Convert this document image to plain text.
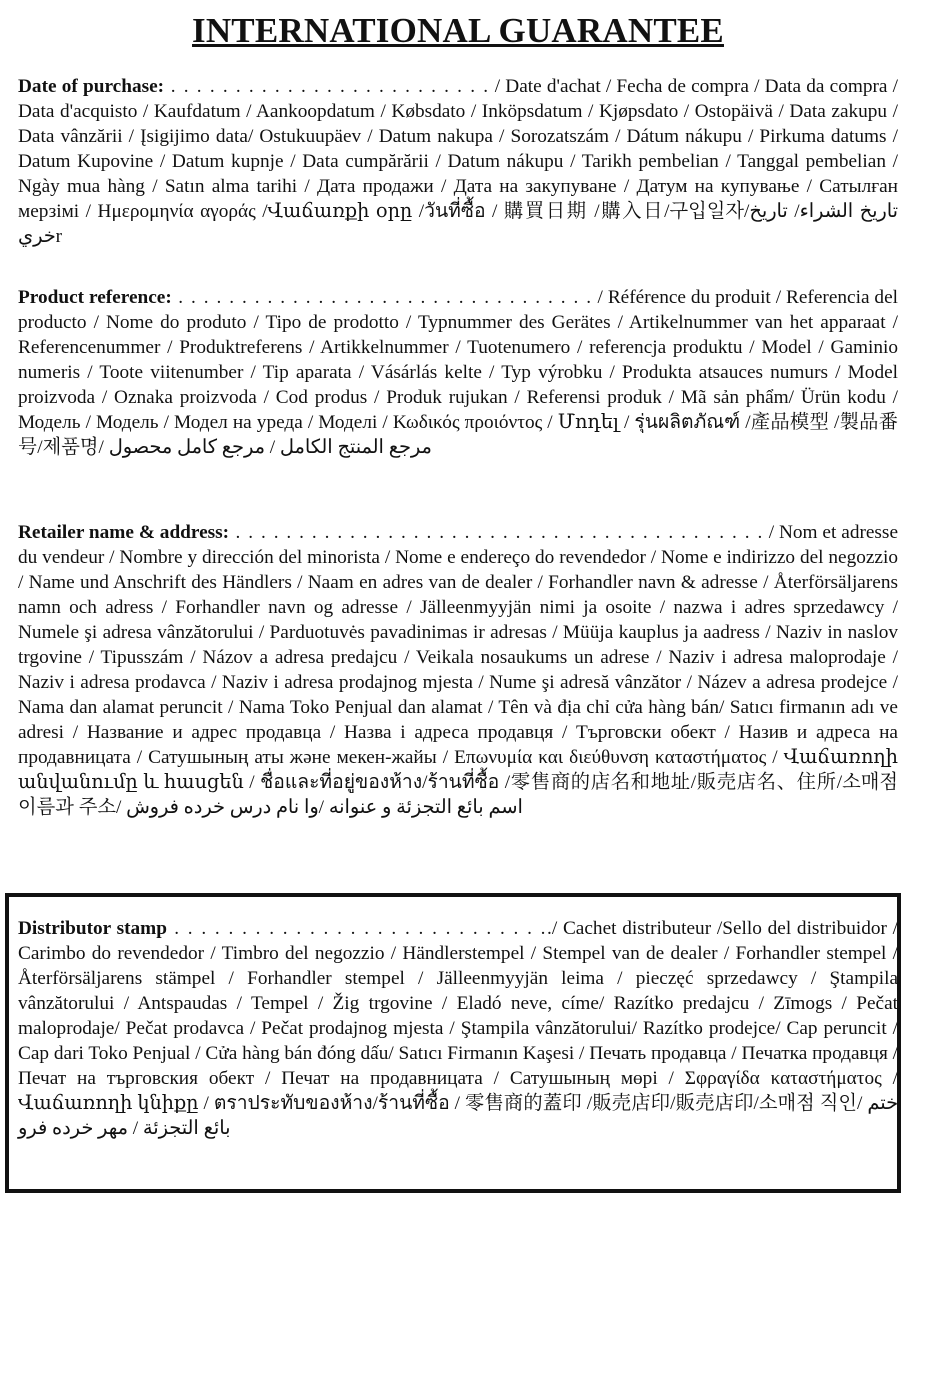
INTERNATIONAL GUARANTEE
Date of purchase: . . . . . . . . . . . . . . . . . . . . . . . . . / Date d'achat / Fecha de compra / Data da compra / Data d'acquisto / Kaufdatum / Aankoopdatum / Købsdato / Inköpsdatum / Kjøpsdato / Ostopäivä / Data zakupu / Data vânzării / Įsigijimo data/ Ostukuupäev / Datum nakupa / Sorozatszám / Dátum nákupu / Pirkuma datums / Datum Kupovine / Datum kupnje / Data cumpărării / Datum nákupu / Tarikh pembelian / Tanggal pembelian / Ngày mua hàng / Satın alma tarihi / Дата продажи / Дата на закупуване / Датум на купување / Сатылған мерзімі / Ημερομηνία αγοράς /Վաճառքի օրը /วันที่ซื้อ / 購買日期 /購入日/구입일자/تاريخ الشراء/ تاريخ خريr
Product reference: . . . . . . . . . . . . . . . . . . . . . . . . . . . . . . . . . / Référence du produit / Referencia del producto / Nome do produto / Tipo de prodotto / Typnummer des Gerätes / Artikelnummer van het apparaat / Referencenummer / Produktreferens / Artikkelnummer / Tuotenumero / referencja produktu / Model / Gaminio numeris / Toote viitenumber / Tip aparata / Vásárlás kelte / Typ výrobku / Produkta atsauces numurs / Model proizvoda / Oznaka proizvoda / Cod produs / Produk rujukan / Referensi produk / Mã sản phẩm/ Ürün kodu / Модель / Модель / Модел на уреда / Моделі / Κωδικός προιόντος / Մոդել / รุ่นผลิตภัณฑ์ /產品模型 /製品番号/제품명/ مرجع المنتج الكامل / مرجع كامل محصول
Retailer name & address: . . . . . . . . . . . . . . . . . . . . . . . . . . . . . . . . . . . . . . . . . . / Nom et adresse du vendeur / Nombre y dirección del minorista / Nome e endereço do revendedor / Nome e indirizzo del negozzio / Name und Anschrift des Händlers / Naam en adres van de dealer / Forhandler navn & adresse / Återförsäljarens namn och adress / Forhandler navn og adresse / Jälleenmyyjän nimi ja osoite / nazwa i adres sprzedawcy / Numele şi adresa vânzătorului / Parduotuvės pavadinimas ir adresas / Müüja kauplus ja aadress / Naziv in naslov trgovine / Tipusszám / Názov a adresa predajcu / Veikala nosaukums un adrese / Naziv i adresa maloprodaje / Naziv i adresa prodavca / Naziv i adresa prodajnog mjesta / Nume şi adresă vânzător / Název a adresa prodejce / Nama dan alamat peruncit / Nama Toko Penjual dan alamat / Tên và địa chỉ cửa hàng bán/ Satıcı firmanın adı ve adresi / Название и адрес продавца / Назва і адреса продавця / Търговски обект / Назив и адреса на продавницата / Сатушының аты және мекен-жайы / Επωνυμία και διεύθυνση καταστήματος / Վաճառողի անվանումը և հասցեն / ชื่อและที่อยู่ของห้าง/ร้านที่ซื้อ /零售商的店名和地址/販売店名、住所/소매점 이름과 주소/ اسم بائع التجزئة و عنوانه /وا نام درس خرده فروش
Distributor stamp . . . . . . . . . . . . . . . . . . . . . . . . . . . ../ Cachet distributeur /Sello del distribuidor / Carimbo do revendedor / Timbro del negozzio / Händlerstempel / Stempel van de dealer / Forhandler stempel / Återförsäljarens stämpel / Forhandler stempel / Jälleenmyyjän leima / pieczęć sprzedawcy / Ştampila vânzătorului / Antspaudas / Tempel / Žig trgovine / Eladó neve, címe/ Razítko predajcu / Zīmogs / Pečat maloprodaje/ Pečat prodavca / Pečat prodajnog mjesta / Ştampila vânzătorului/ Razítko prodejce/ Cap peruncit / Cap dari Toko Penjual / Cửa hàng bán đóng dấu/ Satıcı Firmanın Kaşesi / Печать продавца / Печатка продавця / Печат на търговския обект / Печат на продавницата / Сатушының мөрі / Σφραγίδα καταστήματος / Վաճառողի կնիքը / ตราประทับของห้าง/ร้านที่ซื้อ / 零售商的蓋印 /販売店印/販売店印/소매점 직인/ ختم بائع التجزئة / مهر خرده فرو
